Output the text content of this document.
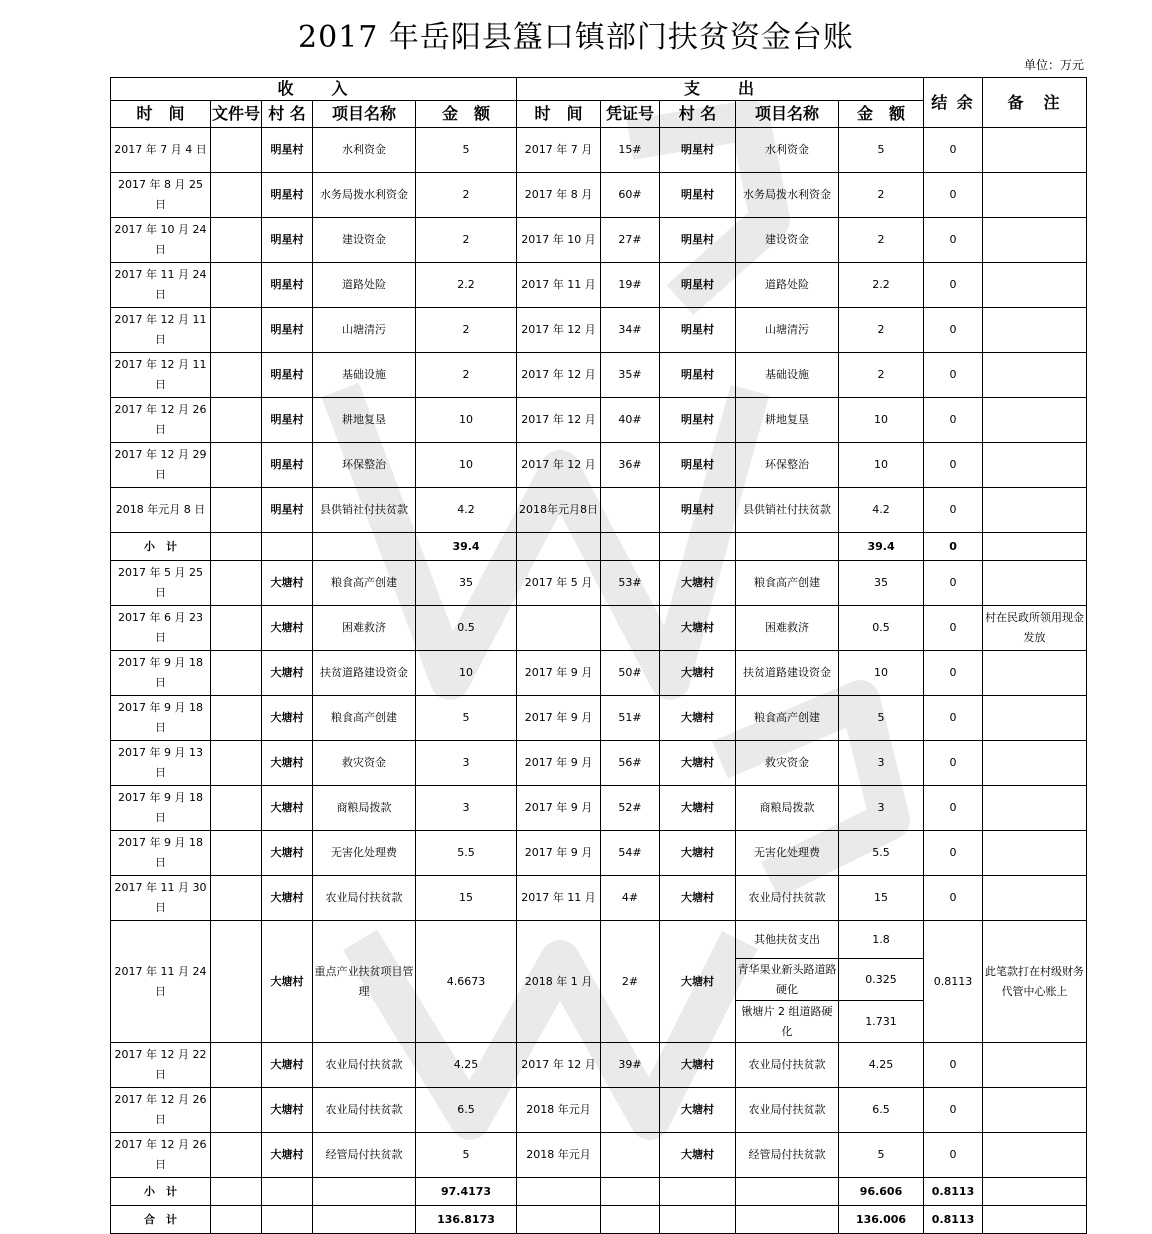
2017 年岳阳县簋口镇部门扶贫资金台账
单位：万元
收　　入					支　　出					结 余	备　注
时　间	文件号	村 名	项目名称	金　额	时　间	凭证号	村 名	项目名称	金　额		
2017 年 7 月 4 日		明星村	水利资金	5	2017 年 7 月	15#	明星村	水利资金	5	0	
2017 年 8 月 25 日		明星村	水务局拨水利资金	2	2017 年 8 月	60#	明星村	水务局拨水利资金	2	0	
2017 年 10 月 24 日		明星村	建设资金	2	2017 年 10 月	27#	明星村	建设资金	2	0	
2017 年 11 月 24 日		明星村	道路处险	2.2	2017 年 11 月	19#	明星村	道路处险	2.2	0	
2017 年 12 月 11 日		明星村	山塘清污	2	2017 年 12 月	34#	明星村	山塘清污	2	0	
2017 年 12 月 11 日		明星村	基础设施	2	2017 年 12 月	35#	明星村	基础设施	2	0	
2017 年 12 月 26 日		明星村	耕地复垦	10	2017 年 12 月	40#	明星村	耕地复垦	10	0	
2017 年 12 月 29 日		明星村	环保整治	10	2017 年 12 月	36#	明星村	环保整治	10	0	
2018 年元月 8 日		明星村	县供销社付扶贫款	4.2	2018年元月8日		明星村	县供销社付扶贫款	4.2	0	
小　计				39.4					39.4	0	
2017 年 5 月 25 日		大塘村	粮食高产创建	35	2017 年 5 月	53#	大塘村	粮食高产创建	35	0	
2017 年 6 月 23 日		大塘村	困难救济	0.5			大塘村	困难救济	0.5	0	村在民政所领用现金发放
2017 年 9 月 18 日		大塘村	扶贫道路建设资金	10	2017 年 9 月	50#	大塘村	扶贫道路建设资金	10	0	
2017 年 9 月 18 日		大塘村	粮食高产创建	5	2017 年 9 月	51#	大塘村	粮食高产创建	5	0	
2017 年 9 月 13 日		大塘村	救灾资金	3	2017 年 9 月	56#	大塘村	救灾资金	3	0	
2017 年 9 月 18 日		大塘村	商粮局拨款	3	2017 年 9 月	52#	大塘村	商粮局拨款	3	0	
2017 年 9 月 18 日		大塘村	无害化处理费	5.5	2017 年 9 月	54#	大塘村	无害化处理费	5.5	0	
2017 年 11 月 30 日		大塘村	农业局付扶贫款	15	2017 年 11 月	4#	大塘村	农业局付扶贫款	15	0	
2017 年 11 月 24 日		大塘村	重点产业扶贫项目管理	4.6673	2018 年 1 月	2#	大塘村	其他扶贫支出	1.8	0.8113	此笔款打在村级财务代管中心账上
								青华果业新头路道路硬化	0.325		
								锹塘片 2 组道路硬化	1.731		
2017 年 12 月 22 日		大塘村	农业局付扶贫款	4.25	2017 年 12 月	39#	大塘村	农业局付扶贫款	4.25	0	
2017 年 12 月 26 日		大塘村	农业局付扶贫款	6.5	2018 年元月		大塘村	农业局付扶贫款	6.5	0	
2017 年 12 月 26 日		大塘村	经管局付扶贫款	5	2018 年元月		大塘村	经管局付扶贫款	5	0	
小　计				97.4173					96.606	0.8113	
合　计				136.8173					136.006	0.8113	
